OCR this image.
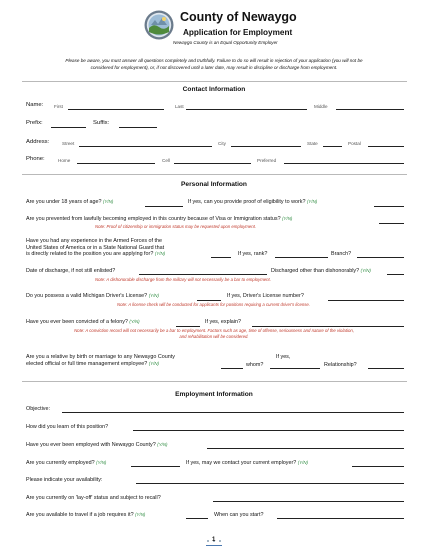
County of Newaygo
Application for Employment
Newaygo County is an Equal Opportunity Employer
Please be aware, you must answer all questions completely and truthfully. Failure to do so will result in rejection of your application (you will not be
considered for employment), or, if not discovered until a later date, may result in discipline or discharge from employment.
Contact Information
Name: First	Last	Middle
Prefix:	Suffix:
Address:	Street	City	State	Postal
Phone:	Home	Cell	Preferred
Personal Information
Are you under 18 years of age? (Y/N)	If yes, can you provide proof of eligibility to work? (Y/N)
Are you prevented from lawfully becoming employed in this country because of Visa or Immigration status? (Y/N)
Note: Proof of citizenship or immigration status may be requested upon employment.
Have you had any experience in the Armed Forces of the
United States of America or in a State National Guard that
is directly related to the position you are applying for? (Y/N)	If yes, rank?	Branch?
Date of discharge, if not still enlisted?	Discharged other than dishonorably? (Y/N)
Note: A dishonorable discharge from the military will not necessarily be a bar to employment.
Do you possess a valid Michigan Driver's License? (Y/N)	If yes, Driver's License number?
Note: A license check will be conducted for applicants for positions requiring a current driver's license.
Have you ever been convicted of a felony? (Y/N)	If yes, explain?
Note: A conviction record will not necessarily be a bar to employment. Factors such as age, time of offense, seriousness and nature of the violation,
and rehabilitation will be considered.
Are you a relative by birth or marriage to any Newaygo County
elected official or full time management employee? (Y/N)
If yes,
whom?	Relationship?
Employment Information
Objective:
How did you learn of this position?
Have you ever been employed with Newaygo County? (Y/N)
Are you currently employed? (Y/N)	If yes, may we contact your current employer? (Y/N)
Please indicate your availability:
Are you currently on 'lay-off' status and subject to recall?
Are you available to travel if a job requires it? (Y/N)	When can you start?
1
